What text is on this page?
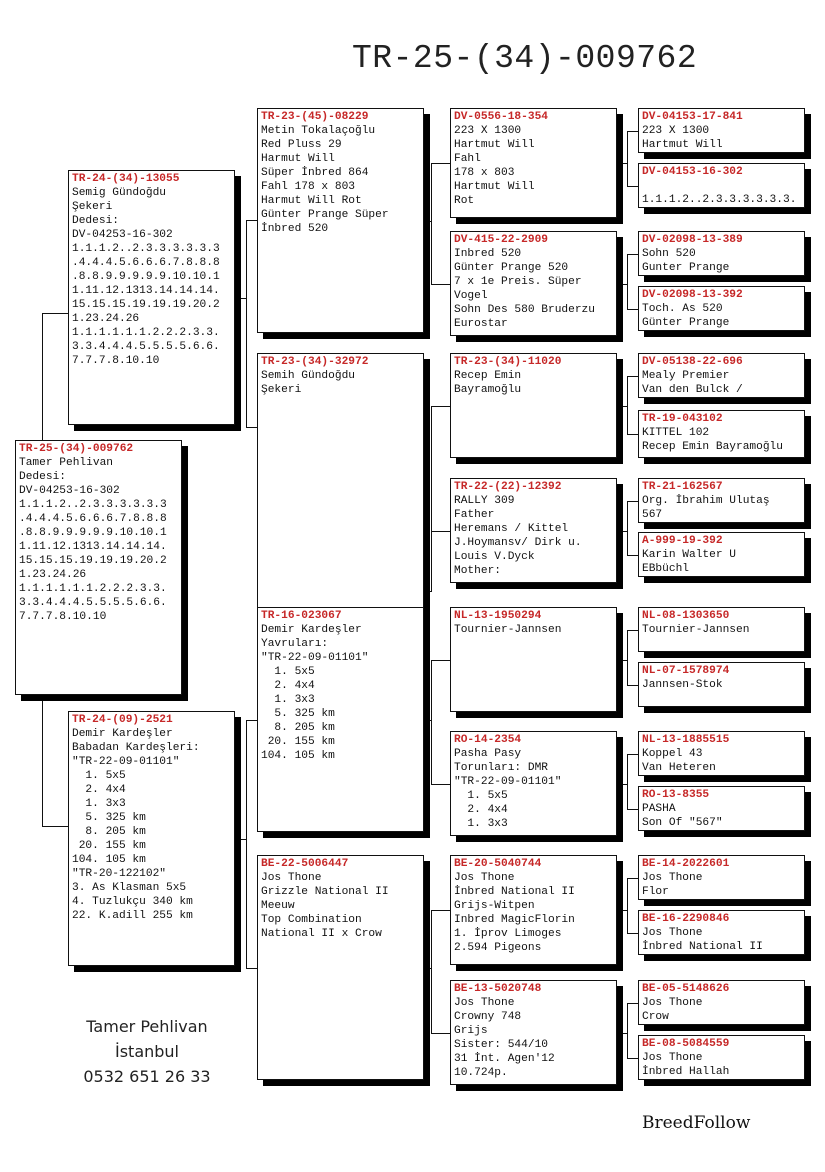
TR-25-(34)-009762
TR-25-(34)-009762
Tamer Pehlivan
Dedesi:
DV-04253-16-302
1.1.1.2..2.3.3.3.3.3.3
.4.4.4.5.6.6.6.7.8.8.8
.8.8.9.9.9.9.9.10.10.1
1.11.12.1313.14.14.14.
15.15.15.19.19.19.20.2
1.23.24.26
1.1.1.1.1.1.2.2.2.3.3.
3.3.4.4.4.5.5.5.5.6.6.
7.7.7.8.10.10
TR-24-(34)-13055
Semig Gündoğdu
Şekeri
Dedesi:
DV-04253-16-302
1.1.1.2..2.3.3.3.3.3.3
.4.4.4.5.6.6.6.7.8.8.8
.8.8.9.9.9.9.9.10.10.1
1.11.12.1313.14.14.14.
15.15.15.19.19.19.20.2
1.23.24.26
1.1.1.1.1.1.2.2.2.3.3.
3.3.4.4.4.5.5.5.5.6.6.
7.7.7.8.10.10
TR-24-(09)-2521
Demir Kardeşler
Babadan Kardeşleri:
"TR-22-09-01101"
1. 5x5
2. 4x4
1. 3x3
5. 325 km
8. 205 km
20. 155 km
104. 105 km
"TR-20-122102"
3. As Klasman 5x5
4. Tuzlukçu 340 km
22. K.adill 255 km
TR-23-(45)-08229
Metin Tokalaçoğlu
Red Pluss 29
Harmut Will
Süper İnbred 864
Fahl 178 x 803
Harmut Will Rot
Günter Prange Süper
İnbred 520
TR-23-(34)-32972
Semih Gündoğdu
Şekeri
TR-16-023067
Demir Kardeşler
Yavruları:
"TR-22-09-01101"
1. 5x5
2. 4x4
1. 3x3
5. 325 km
8. 205 km
20. 155 km
104. 105 km
BE-22-5006447
Jos Thone
Grizzle National II
Meeuw
Top Combination
National II x Crow
DV-0556-18-354
223 X 1300
Hartmut Will
Fahl
178 x 803
Hartmut Will
Rot
DV-415-22-2909
Inbred 520
Günter Prange 520
7 x 1e Preis. Süper
Vogel
Sohn Des 580 Bruderzu
Eurostar
TR-23-(34)-11020
Recep Emin
Bayramoğlu
TR-22-(22)-12392
RALLY 309
Father
Heremans / Kittel
J.Hoymansv/ Dirk u.
Louis V.Dyck
Mother:
NL-13-1950294
Tournier-Jannsen
RO-14-2354
Pasha Pasy
Torunları: DMR
"TR-22-09-01101"
1. 5x5
2. 4x4
1. 3x3
BE-20-5040744
Jos Thone
İnbred National II
Grijs-Witpen
Inbred MagicFlorin
1. İprov Limoges
2.594 Pigeons
BE-13-5020748
Jos Thone
Crowny 748
Grijs
Sister: 544/10
31 İnt. Agen'12
10.724p.
DV-04153-17-841
223 X 1300
Hartmut Will
DV-04153-16-302
1.1.1.2..2.3.3.3.3.3.3.
DV-02098-13-389
Sohn 520
Gunter Prange
DV-02098-13-392
Toch. As 520
Günter Prange
DV-05138-22-696
Mealy Premier
Van den Bulck /
TR-19-043102
KITTEL 102
Recep Emin Bayramoğlu
TR-21-162567
Org. İbrahim Ulutaş
567
A-999-19-392
Karin Walter U
EBbüchl
NL-08-1303650
Tournier-Jannsen
NL-07-1578974
Jannsen-Stok
NL-13-1885515
Koppel 43
Van Heteren
RO-13-8355
PASHA
Son Of "567"
BE-14-2022601
Jos Thone
Flor
BE-16-2290846
Jos Thone
İnbred National II
BE-05-5148626
Jos Thone
Crow
BE-08-5084559
Jos Thone
İnbred Hallah
Tamer Pehlivan
İstanbul
0532 651 26 33
BreedFollow
